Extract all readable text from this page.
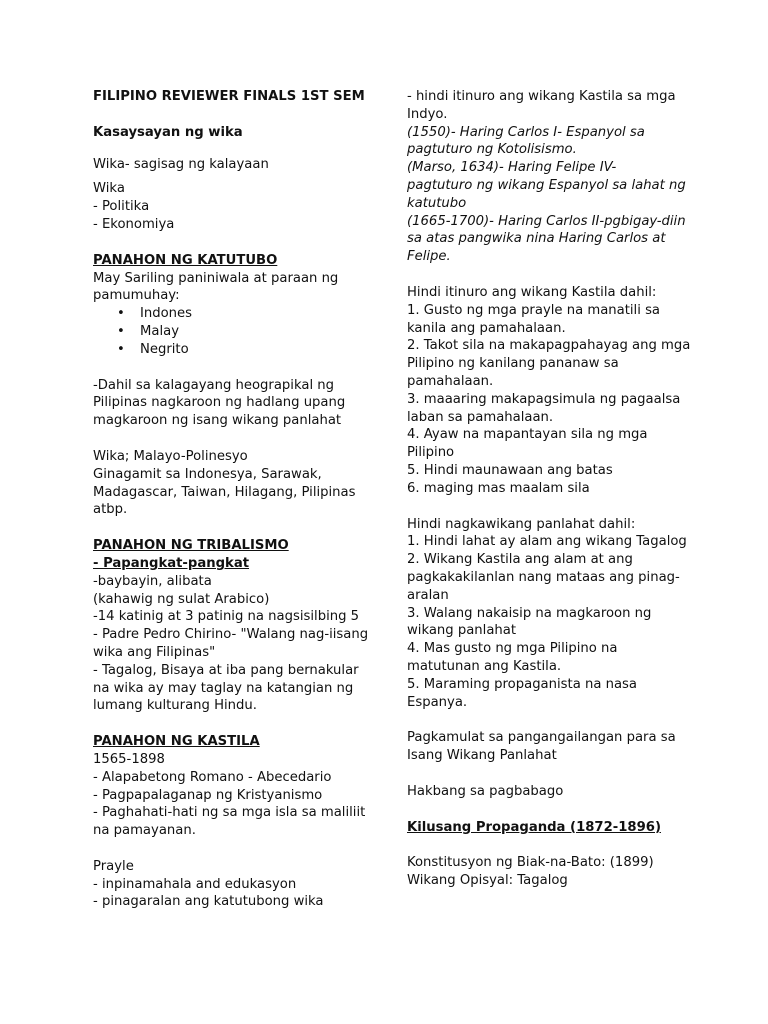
FILIPINO REVIEWER FINALS 1ST SEM
Kasaysayan ng wika
Wika- sagisag ng kalayaan
Wika
- Politika
- Ekonomiya
PANAHON NG KATUTUBO
May Sariling paniniwala at paraan ng
pamumuhay:
• Indones
• Malay
• Negrito
-Dahil sa kalagayang heograpikal ng
Pilipinas nagkaroon ng hadlang upang
magkaroon ng isang wikang panlahat
Wika; Malayo-Polinesyo
Ginagamit sa Indonesya, Sarawak,
Madagascar, Taiwan, Hilagang, Pilipinas
atbp.
PANAHON NG TRIBALISMO
- Papangkat-pangkat
-baybayin, alibata
(kahawig ng sulat Arabico)
-14 katinig at 3 patinig na nagsisilbing 5
- Padre Pedro Chirino- "Walang nag-iisang
wika ang Filipinas"
- Tagalog, Bisaya at iba pang bernakular
na wika ay may taglay na katangian ng
lumang kulturang Hindu.
PANAHON NG KASTILA
1565-1898
- Alapabetong Romano - Abecedario
- Pagpapalaganap ng Kristyanismo
- Paghahati-hati ng sa mga isla sa maliliit
na pamayanan.
Prayle
- inpinamahala and edukasyon
- pinagaralan ang katutubong wika
- hindi itinuro ang wikang Kastila sa mga
Indyo.
(1550)- Haring Carlos I- Espanyol sa
pagtuturo ng Kotolisismo.
(Marso, 1634)- Haring Felipe IV-
pagtuturo ng wikang Espanyol sa lahat ng
katutubo
(1665-1700)- Haring Carlos II-pgbigay-diin
sa atas pangwika nina Haring Carlos at
Felipe.
Hindi itinuro ang wikang Kastila dahil:
1. Gusto ng mga prayle na manatili sa
kanila ang pamahalaan.
2. Takot sila na makapagpahayag ang mga
Pilipino ng kanilang pananaw sa
pamahalaan.
3. maaaring makapagsimula ng pagaalsa
laban sa pamahalaan.
4. Ayaw na mapantayan sila ng mga
Pilipino
5. Hindi maunawaan ang batas
6. maging mas maalam sila
Hindi nagkawikang panlahat dahil:
1. Hindi lahat ay alam ang wikang Tagalog
2. Wikang Kastila ang alam at ang
pagkakakilanlan nang mataas ang pinag-
aralan
3. Walang nakaisip na magkaroon ng
wikang panlahat
4. Mas gusto ng mga Pilipino na
matutunan ang Kastila.
5. Maraming propaganista na nasa
Espanya.
Pagkamulat sa pangangailangan para sa
Isang Wikang Panlahat
Hakbang sa pagbabago
Kilusang Propaganda (1872-1896)
Konstitusyon ng Biak-na-Bato: (1899)
Wikang Opisyal: Tagalog
